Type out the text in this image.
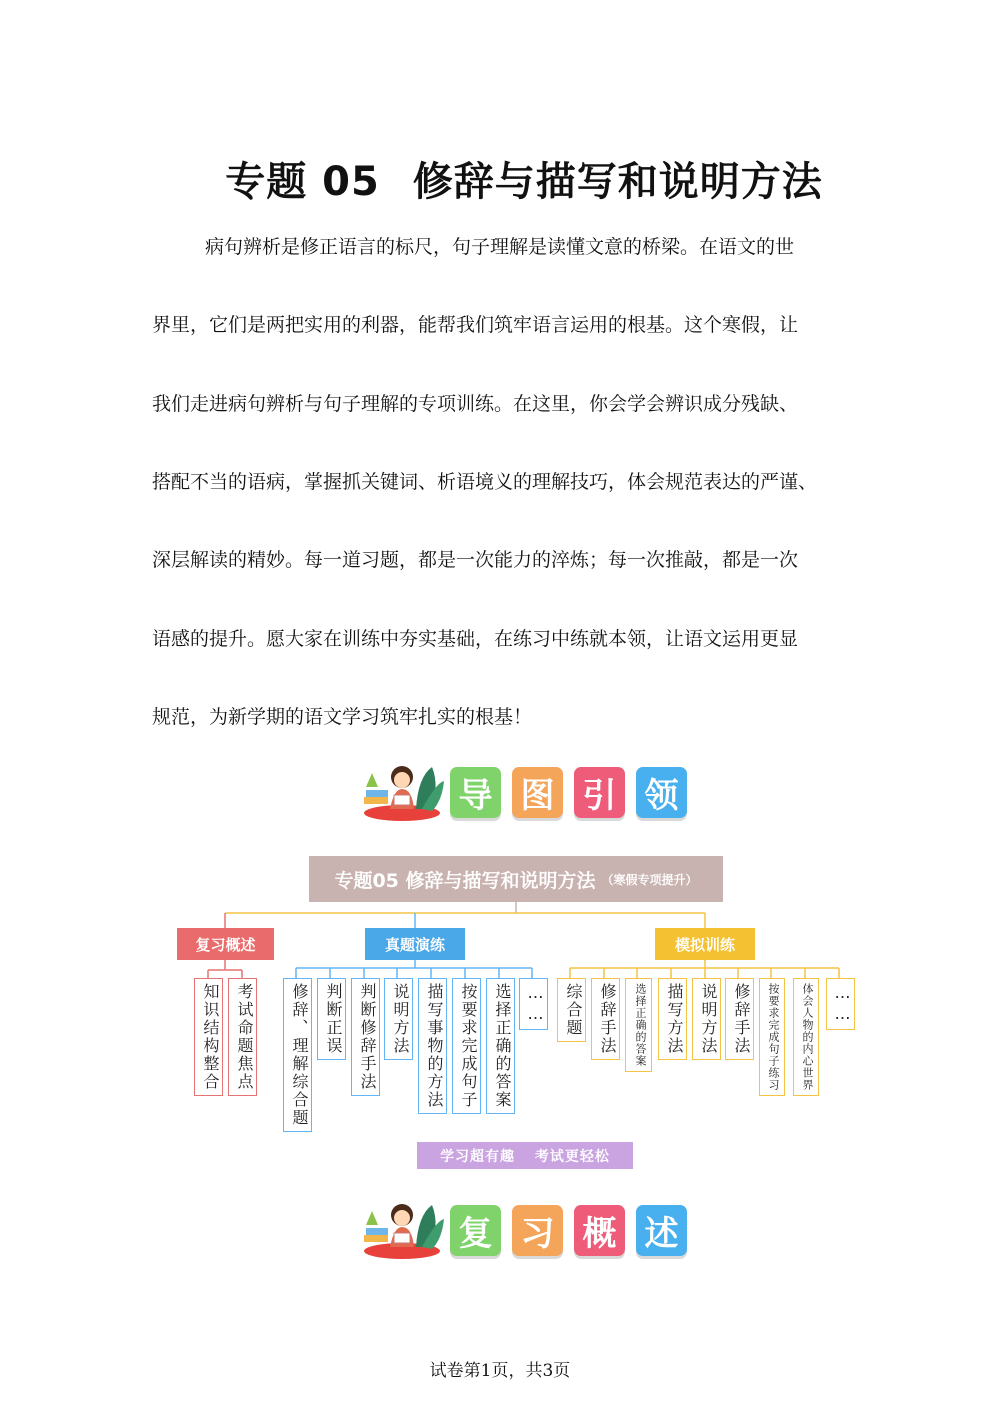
专题 05 修辞与描写和说明方法
病句辨析是修正语言的标尺，句子理解是读懂文意的桥梁。在语文的世
界里，它们是两把实用的利器，能帮我们筑牢语言运用的根基。这个寒假，让
我们走进病句辨析与句子理解的专项训练。在这里，你会学会辨识成分残缺、
搭配不当的语病，掌握抓关键词、析语境义的理解技巧，体会规范表达的严谨、
深层解读的精妙。每一道习题，都是一次能力的淬炼；每一次推敲，都是一次
语感的提升。愿大家在训练中夯实基础，在练习中练就本领，让语文运用更显
规范，为新学期的语文学习筑牢扎实的根基！
导 图 引 领
专题05 修辞与描写和说明方法 （寒假专项提升）
复习概述	真题演练	模拟训练
知识结构整合 考试命题焦点	修辞、理解综合题 判断正误 判断修辞手法 说明方法 描写事物的方法 按要求完成句子 选择正确的答案 ……	综合题 修辞手法	选择正确的答案	描写方法 说明方法 修辞手法	按要求完成句子练习	体会人物的内心世界	……
学习超有趣 考试更轻松
复 习 概 述
试卷第1页，共3页
